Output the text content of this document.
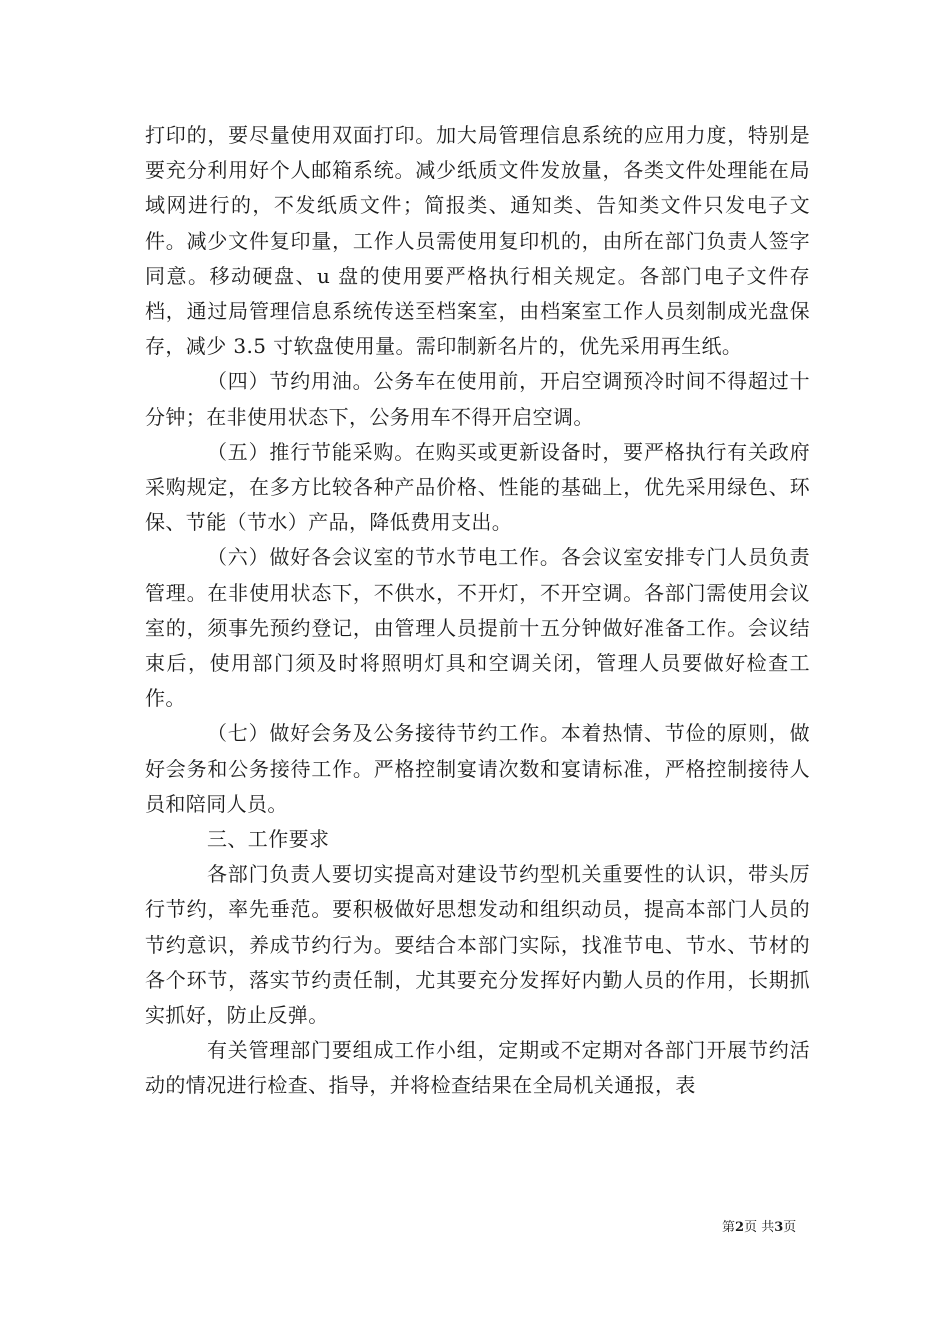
打印的，要尽量使用双面打印。加大局管理信息系统的应用力度，特别是要充分利用好个人邮箱系统。减少纸质文件发放量，各类文件处理能在局域网进行的，不发纸质文件；简报类、通知类、告知类文件只发电子文件。减少文件复印量，工作人员需使用复印机的，由所在部门负责人签字同意。移动硬盘、u 盘的使用要严格执行相关规定。各部门电子文件存档，通过局管理信息系统传送至档案室，由档案室工作人员刻制成光盘保存，减少 3.5 寸软盘使用量。需印制新名片的，优先采用再生纸。

（四）节约用油。公务车在使用前，开启空调预冷时间不得超过十分钟；在非使用状态下，公务用车不得开启空调。

（五）推行节能采购。在购买或更新设备时，要严格执行有关政府采购规定，在多方比较各种产品价格、性能的基础上，优先采用绿色、环保、节能（节水）产品，降低费用支出。

（六）做好各会议室的节水节电工作。各会议室安排专门人员负责管理。在非使用状态下，不供水，不开灯，不开空调。各部门需使用会议室的，须事先预约登记，由管理人员提前十五分钟做好准备工作。会议结束后，使用部门须及时将照明灯具和空调关闭，管理人员要做好检查工作。

（七）做好会务及公务接待节约工作。本着热情、节俭的原则，做好会务和公务接待工作。严格控制宴请次数和宴请标准，严格控制接待人员和陪同人员。

三、工作要求

各部门负责人要切实提高对建设节约型机关重要性的认识，带头厉行节约，率先垂范。要积极做好思想发动和组织动员，提高本部门人员的节约意识，养成节约行为。要结合本部门实际，找准节电、节水、节材的各个环节，落实节约责任制，尤其要充分发挥好内勤人员的作用，长期抓实抓好，防止反弹。

有关管理部门要组成工作小组，定期或不定期对各部门开展节约活动的情况进行检查、指导，并将检查结果在全局机关通报，表

第2页 共3页
